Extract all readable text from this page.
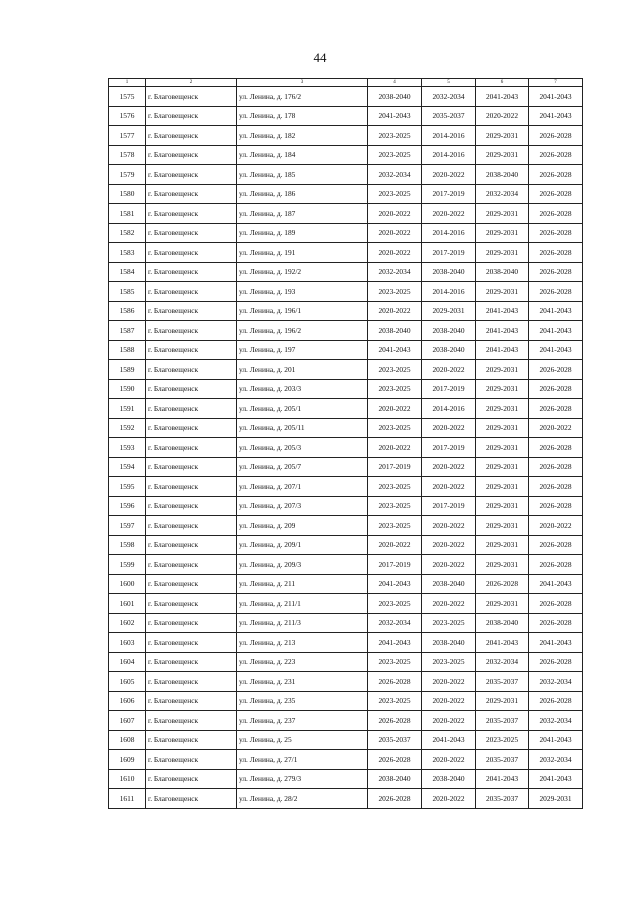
44
1	2	3	4	5	6	7
1575	г. Благовещенск	ул. Ленина, д. 176/2	2038-2040	2032-2034	2041-2043	2041-2043
1576	г. Благовещенск	ул. Ленина, д. 178	2041-2043	2035-2037	2020-2022	2041-2043
1577	г. Благовещенск	ул. Ленина, д. 182	2023-2025	2014-2016	2029-2031	2026-2028
1578	г. Благовещенск	ул. Ленина, д. 184	2023-2025	2014-2016	2029-2031	2026-2028
1579	г. Благовещенск	ул. Ленина, д. 185	2032-2034	2020-2022	2038-2040	2026-2028
1580	г. Благовещенск	ул. Ленина, д. 186	2023-2025	2017-2019	2032-2034	2026-2028
1581	г. Благовещенск	ул. Ленина, д. 187	2020-2022	2020-2022	2029-2031	2026-2028
1582	г. Благовещенск	ул. Ленина, д. 189	2020-2022	2014-2016	2029-2031	2026-2028
1583	г. Благовещенск	ул. Ленина, д. 191	2020-2022	2017-2019	2029-2031	2026-2028
1584	г. Благовещенск	ул. Ленина, д. 192/2	2032-2034	2038-2040	2038-2040	2026-2028
1585	г. Благовещенск	ул. Ленина, д. 193	2023-2025	2014-2016	2029-2031	2026-2028
1586	г. Благовещенск	ул. Ленина, д. 196/1	2020-2022	2029-2031	2041-2043	2041-2043
1587	г. Благовещенск	ул. Ленина, д. 196/2	2038-2040	2038-2040	2041-2043	2041-2043
1588	г. Благовещенск	ул. Ленина, д. 197	2041-2043	2038-2040	2041-2043	2041-2043
1589	г. Благовещенск	ул. Ленина, д. 201	2023-2025	2020-2022	2029-2031	2026-2028
1590	г. Благовещенск	ул. Ленина, д. 203/3	2023-2025	2017-2019	2029-2031	2026-2028
1591	г. Благовещенск	ул. Ленина, д. 205/1	2020-2022	2014-2016	2029-2031	2026-2028
1592	г. Благовещенск	ул. Ленина, д. 205/11	2023-2025	2020-2022	2029-2031	2020-2022
1593	г. Благовещенск	ул. Ленина, д. 205/3	2020-2022	2017-2019	2029-2031	2026-2028
1594	г. Благовещенск	ул. Ленина, д. 205/7	2017-2019	2020-2022	2029-2031	2026-2028
1595	г. Благовещенск	ул. Ленина, д. 207/1	2023-2025	2020-2022	2029-2031	2026-2028
1596	г. Благовещенск	ул. Ленина, д. 207/3	2023-2025	2017-2019	2029-2031	2026-2028
1597	г. Благовещенск	ул. Ленина, д. 209	2023-2025	2020-2022	2029-2031	2020-2022
1598	г. Благовещенск	ул. Ленина, д. 209/1	2020-2022	2020-2022	2029-2031	2026-2028
1599	г. Благовещенск	ул. Ленина, д. 209/3	2017-2019	2020-2022	2029-2031	2026-2028
1600	г. Благовещенск	ул. Ленина, д. 211	2041-2043	2038-2040	2026-2028	2041-2043
1601	г. Благовещенск	ул. Ленина, д. 211/1	2023-2025	2020-2022	2029-2031	2026-2028
1602	г. Благовещенск	ул. Ленина, д. 211/3	2032-2034	2023-2025	2038-2040	2026-2028
1603	г. Благовещенск	ул. Ленина, д. 213	2041-2043	2038-2040	2041-2043	2041-2043
1604	г. Благовещенск	ул. Ленина, д. 223	2023-2025	2023-2025	2032-2034	2026-2028
1605	г. Благовещенск	ул. Ленина, д. 231	2026-2028	2020-2022	2035-2037	2032-2034
1606	г. Благовещенск	ул. Ленина, д. 235	2023-2025	2020-2022	2029-2031	2026-2028
1607	г. Благовещенск	ул. Ленина, д. 237	2026-2028	2020-2022	2035-2037	2032-2034
1608	г. Благовещенск	ул. Ленина, д. 25	2035-2037	2041-2043	2023-2025	2041-2043
1609	г. Благовещенск	ул. Ленина, д. 27/1	2026-2028	2020-2022	2035-2037	2032-2034
1610	г. Благовещенск	ул. Ленина, д. 279/3	2038-2040	2038-2040	2041-2043	2041-2043
1611	г. Благовещенск	ул. Ленина, д. 28/2	2026-2028	2020-2022	2035-2037	2029-2031
